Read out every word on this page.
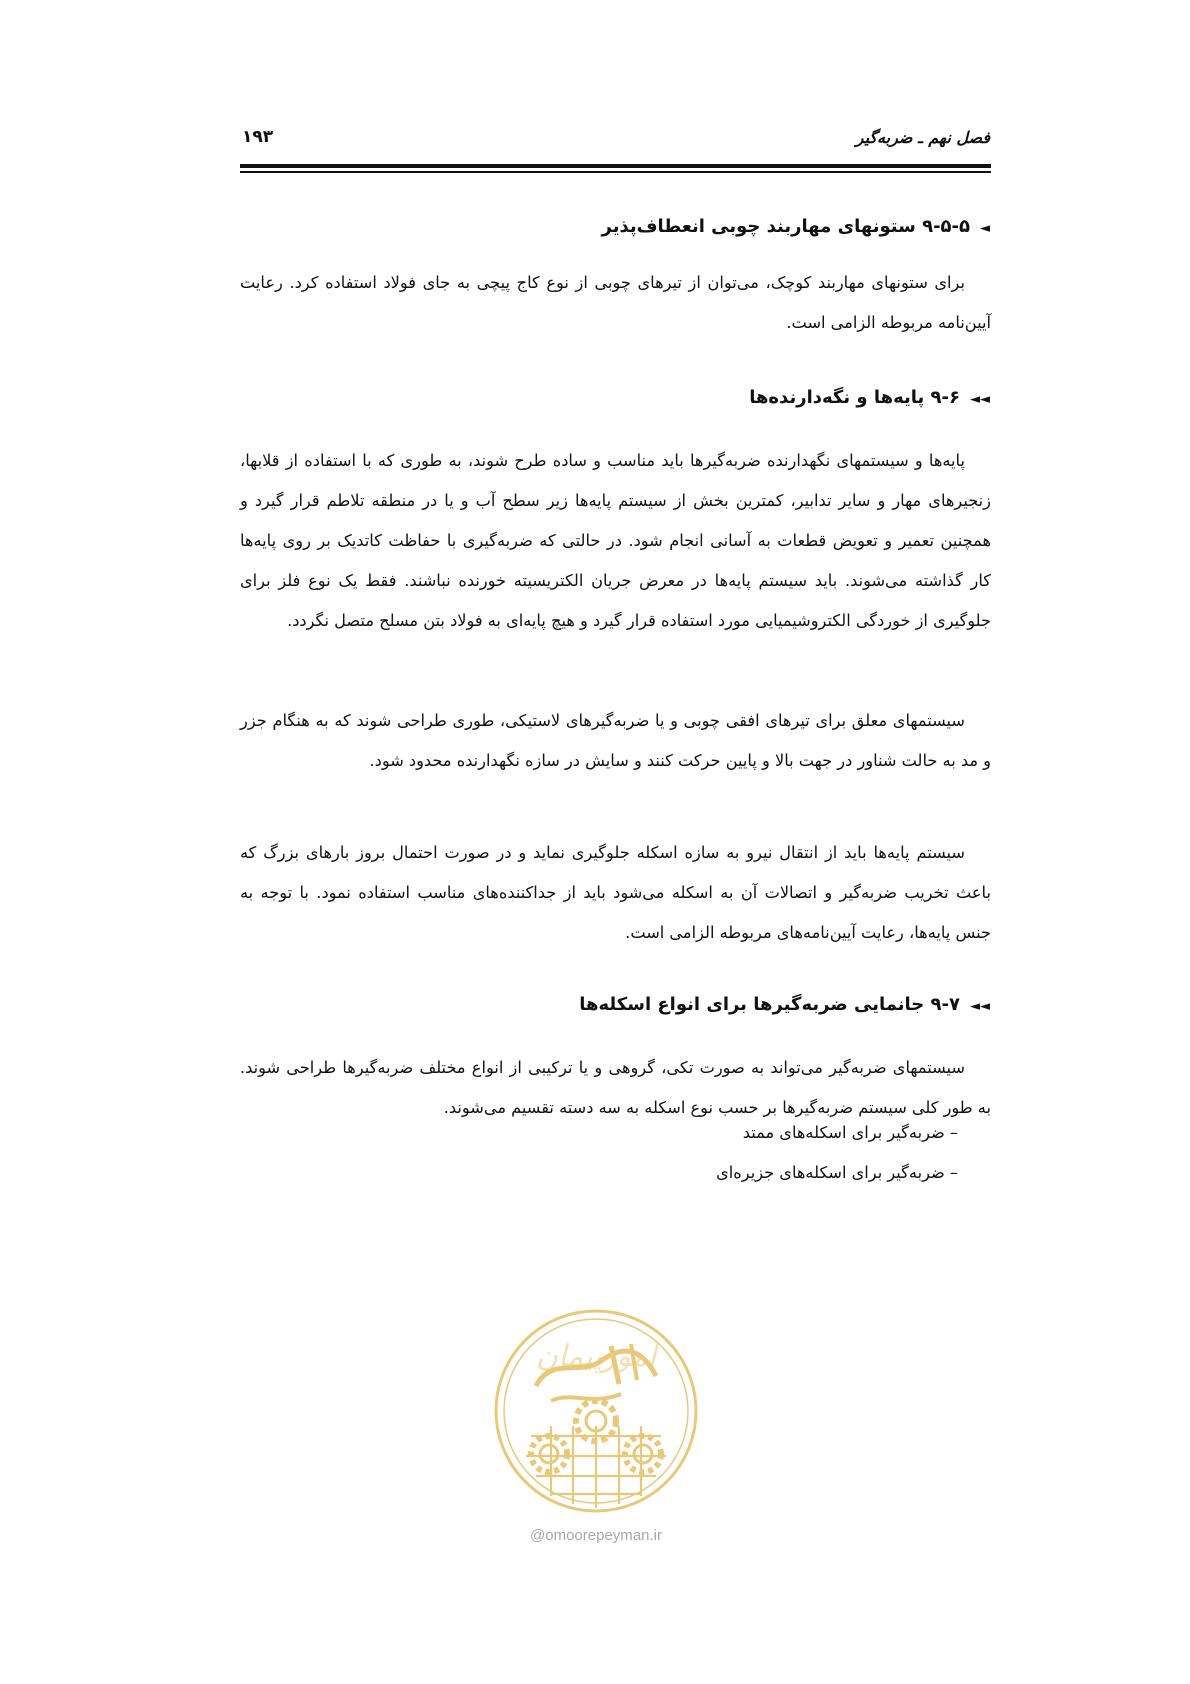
فصل نهم ـ ضربه‌گیر
۱۹۳
◄۹-۵-۵ ستونهای مهاربند چوبی انعطاف‌پذیر

برای ستونهای مهاربند کوچک، می‌توان از تیرهای چوبی از نوع کاج پیچی به جای فولاد استفاده کرد. رعایت آیین‌نامه مربوطه الزامی است.

◄◄۹-۶ پایه‌ها و نگه‌دارنده‌ها

پایه‌ها و سیستمهای نگهدارنده ضربه‌گیرها باید مناسب و ساده طرح شوند، به طوری که با استفاده از قلابها، زنجیرهای مهار و سایر تدابیر، کمترین بخش از سیستم پایه‌ها زیر سطح آب و یا در منطقه تلاطم قرار گیرد و همچنین تعمیر و تعویض قطعات به آسانی انجام شود. در حالتی که ضربه‌گیری با حفاظت کاتدیک بر روی پایه‌ها کار گذاشته می‌شوند. باید سیستم پایه‌ها در معرض جریان الکتریسیته خورنده نباشند. فقط یک نوع فلز برای جلوگیری از خوردگی الکتروشیمیایی مورد استفاده قرار گیرد و هیچ پایه‌ای به فولاد بتن مسلح متصل نگردد.

سیستمهای معلق برای تیرهای افقی چوبی و یا ضربه‌گیرهای لاستیکی، طوری طراحی شوند که به هنگام جزر و مد به حالت شناور در جهت بالا و پایین حرکت کنند و سایش در سازه نگهدارنده محدود شود.

سیستم پایه‌ها باید از انتقال نیرو به سازه اسکله جلوگیری نماید و در صورت احتمال بروز بارهای بزرگ که باعث تخریب ضربه‌گیر و اتصالات آن به اسکله می‌شود باید از جداکننده‌های مناسب استفاده نمود. با توجه به جنس پایه‌ها، رعایت آیین‌نامه‌های مربوطه الزامی است.

◄◄۹-۷ جانمایی ضربه‌گیرها برای انواع اسکله‌ها

سیستمهای ضربه‌گیر می‌تواند به صورت تکی، گروهی و یا ترکیبی از انواع مختلف ضربه‌گیرها طراحی شوند. به طور کلی سیستم ضربه‌گیرها بر حسب نوع اسکله به سه دسته تقسیم می‌شوند.

– ضربه‌گیر برای اسکله‌های ممتد
– ضربه‌گیر برای اسکله‌های جزیره‌ای
امورپیمان
@omoorepeyman.ir
